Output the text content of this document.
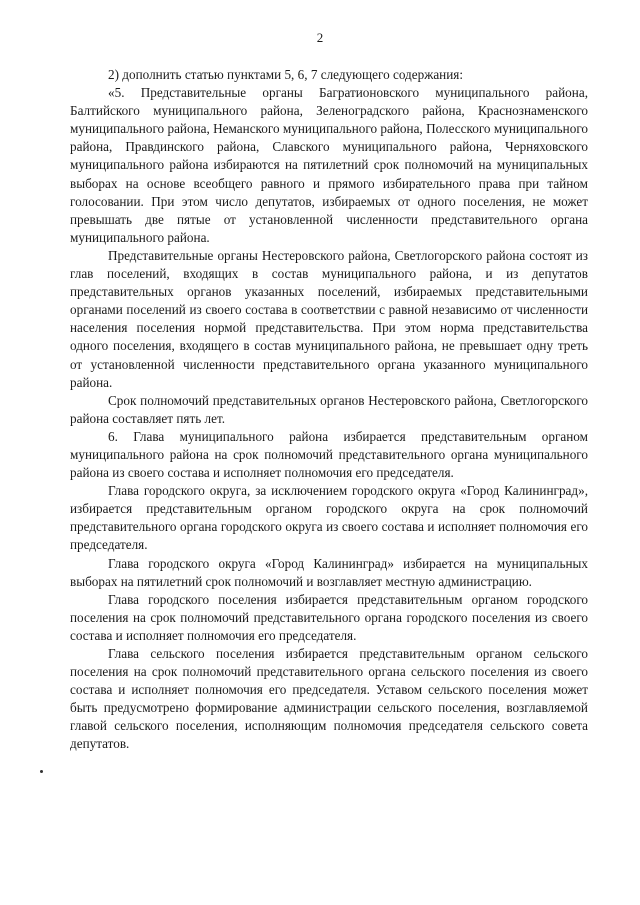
2

2) дополнить статью пунктами 5, 6, 7 следующего содержания:

«5. Представительные органы Багратионовского муниципального района, Балтийского муниципального района, Зеленоградского района, Краснознаменского муниципального района, Неманского муниципального района, Полесского муниципального района, Правдинского района, Славского муниципального района, Черняховского муниципального района избираются на пятилетний срок полномочий на муниципальных выборах на основе всеобщего равного и прямого избирательного права при тайном голосовании. При этом число депутатов, избираемых от одного поселения, не может превышать две пятые от установленной численности представительного органа муниципального района.

Представительные органы Нестеровского района, Светлогорского района состоят из глав поселений, входящих в состав муниципального района, и из депутатов представительных органов указанных поселений, избираемых представительными органами поселений из своего состава в соответствии с равной независимо от численности населения поселения нормой представительства. При этом норма представительства одного поселения, входящего в состав муниципального района, не превышает одну треть от установленной численности представительного органа указанного муниципального района.

Срок полномочий представительных органов Нестеровского района, Светлогорского района составляет пять лет.

6. Глава муниципального района избирается представительным органом муниципального района на срок полномочий представительного органа муниципального района из своего состава и исполняет полномочия его председателя.

Глава городского округа, за исключением городского округа «Город Калининград», избирается представительным органом городского округа на срок полномочий представительного органа городского округа из своего состава и исполняет полномочия его председателя.

Глава городского округа «Город Калининград» избирается на муниципальных выборах на пятилетний срок полномочий и возглавляет местную администрацию.

Глава городского поселения избирается представительным органом городского поселения на срок полномочий представительного органа городского поселения из своего состава и исполняет полномочия его председателя.

Глава сельского поселения избирается представительным органом сельского поселения на срок полномочий представительного органа сельского поселения из своего состава и исполняет полномочия его председателя. Уставом сельского поселения может быть предусмотрено формирование администрации сельского поселения, возглавляемой главой сельского поселения, исполняющим полномочия председателя сельского совета депутатов.
